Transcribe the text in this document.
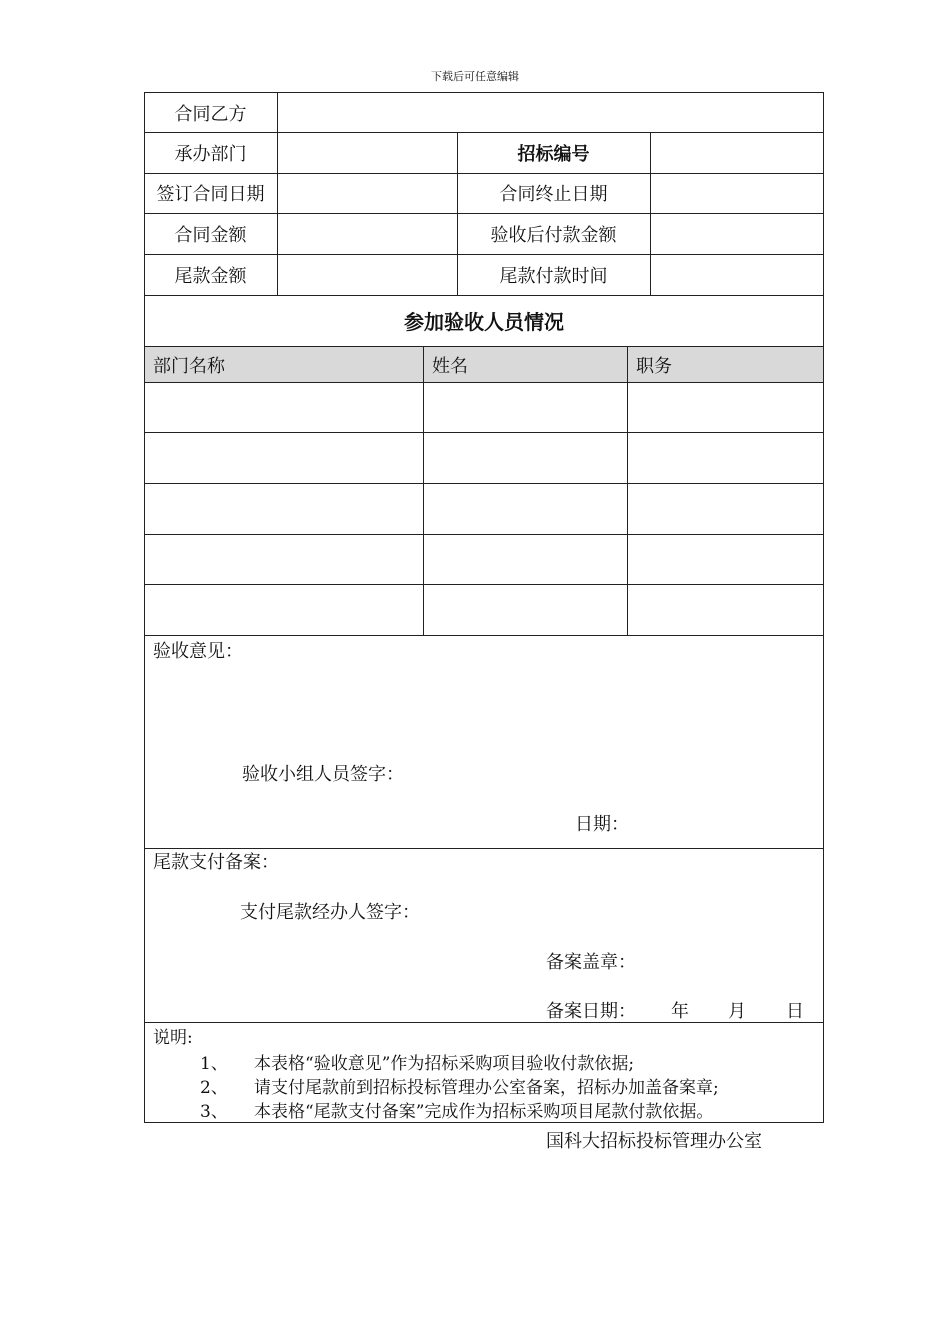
下载后可任意编辑
合同乙方
承办部门	招标编号
签订合同日期	合同终止日期
合同金额	验收后付款金额
尾款金额	尾款付款时间
参加验收人员情况
部门名称	姓名	职务
验收意见：
验收小组人员签字：
日期：
尾款支付备案：
支付尾款经办人签字：
备案盖章：
备案日期： 年 月 日
说明:
1、 本表格“验收意见”作为招标采购项目验收付款依据;
2、 请支付尾款前到招标投标管理办公室备案，招标办加盖备案章;
3、 本表格“尾款支付备案”完成作为招标采购项目尾款付款依据。
国科大招标投标管理办公室
